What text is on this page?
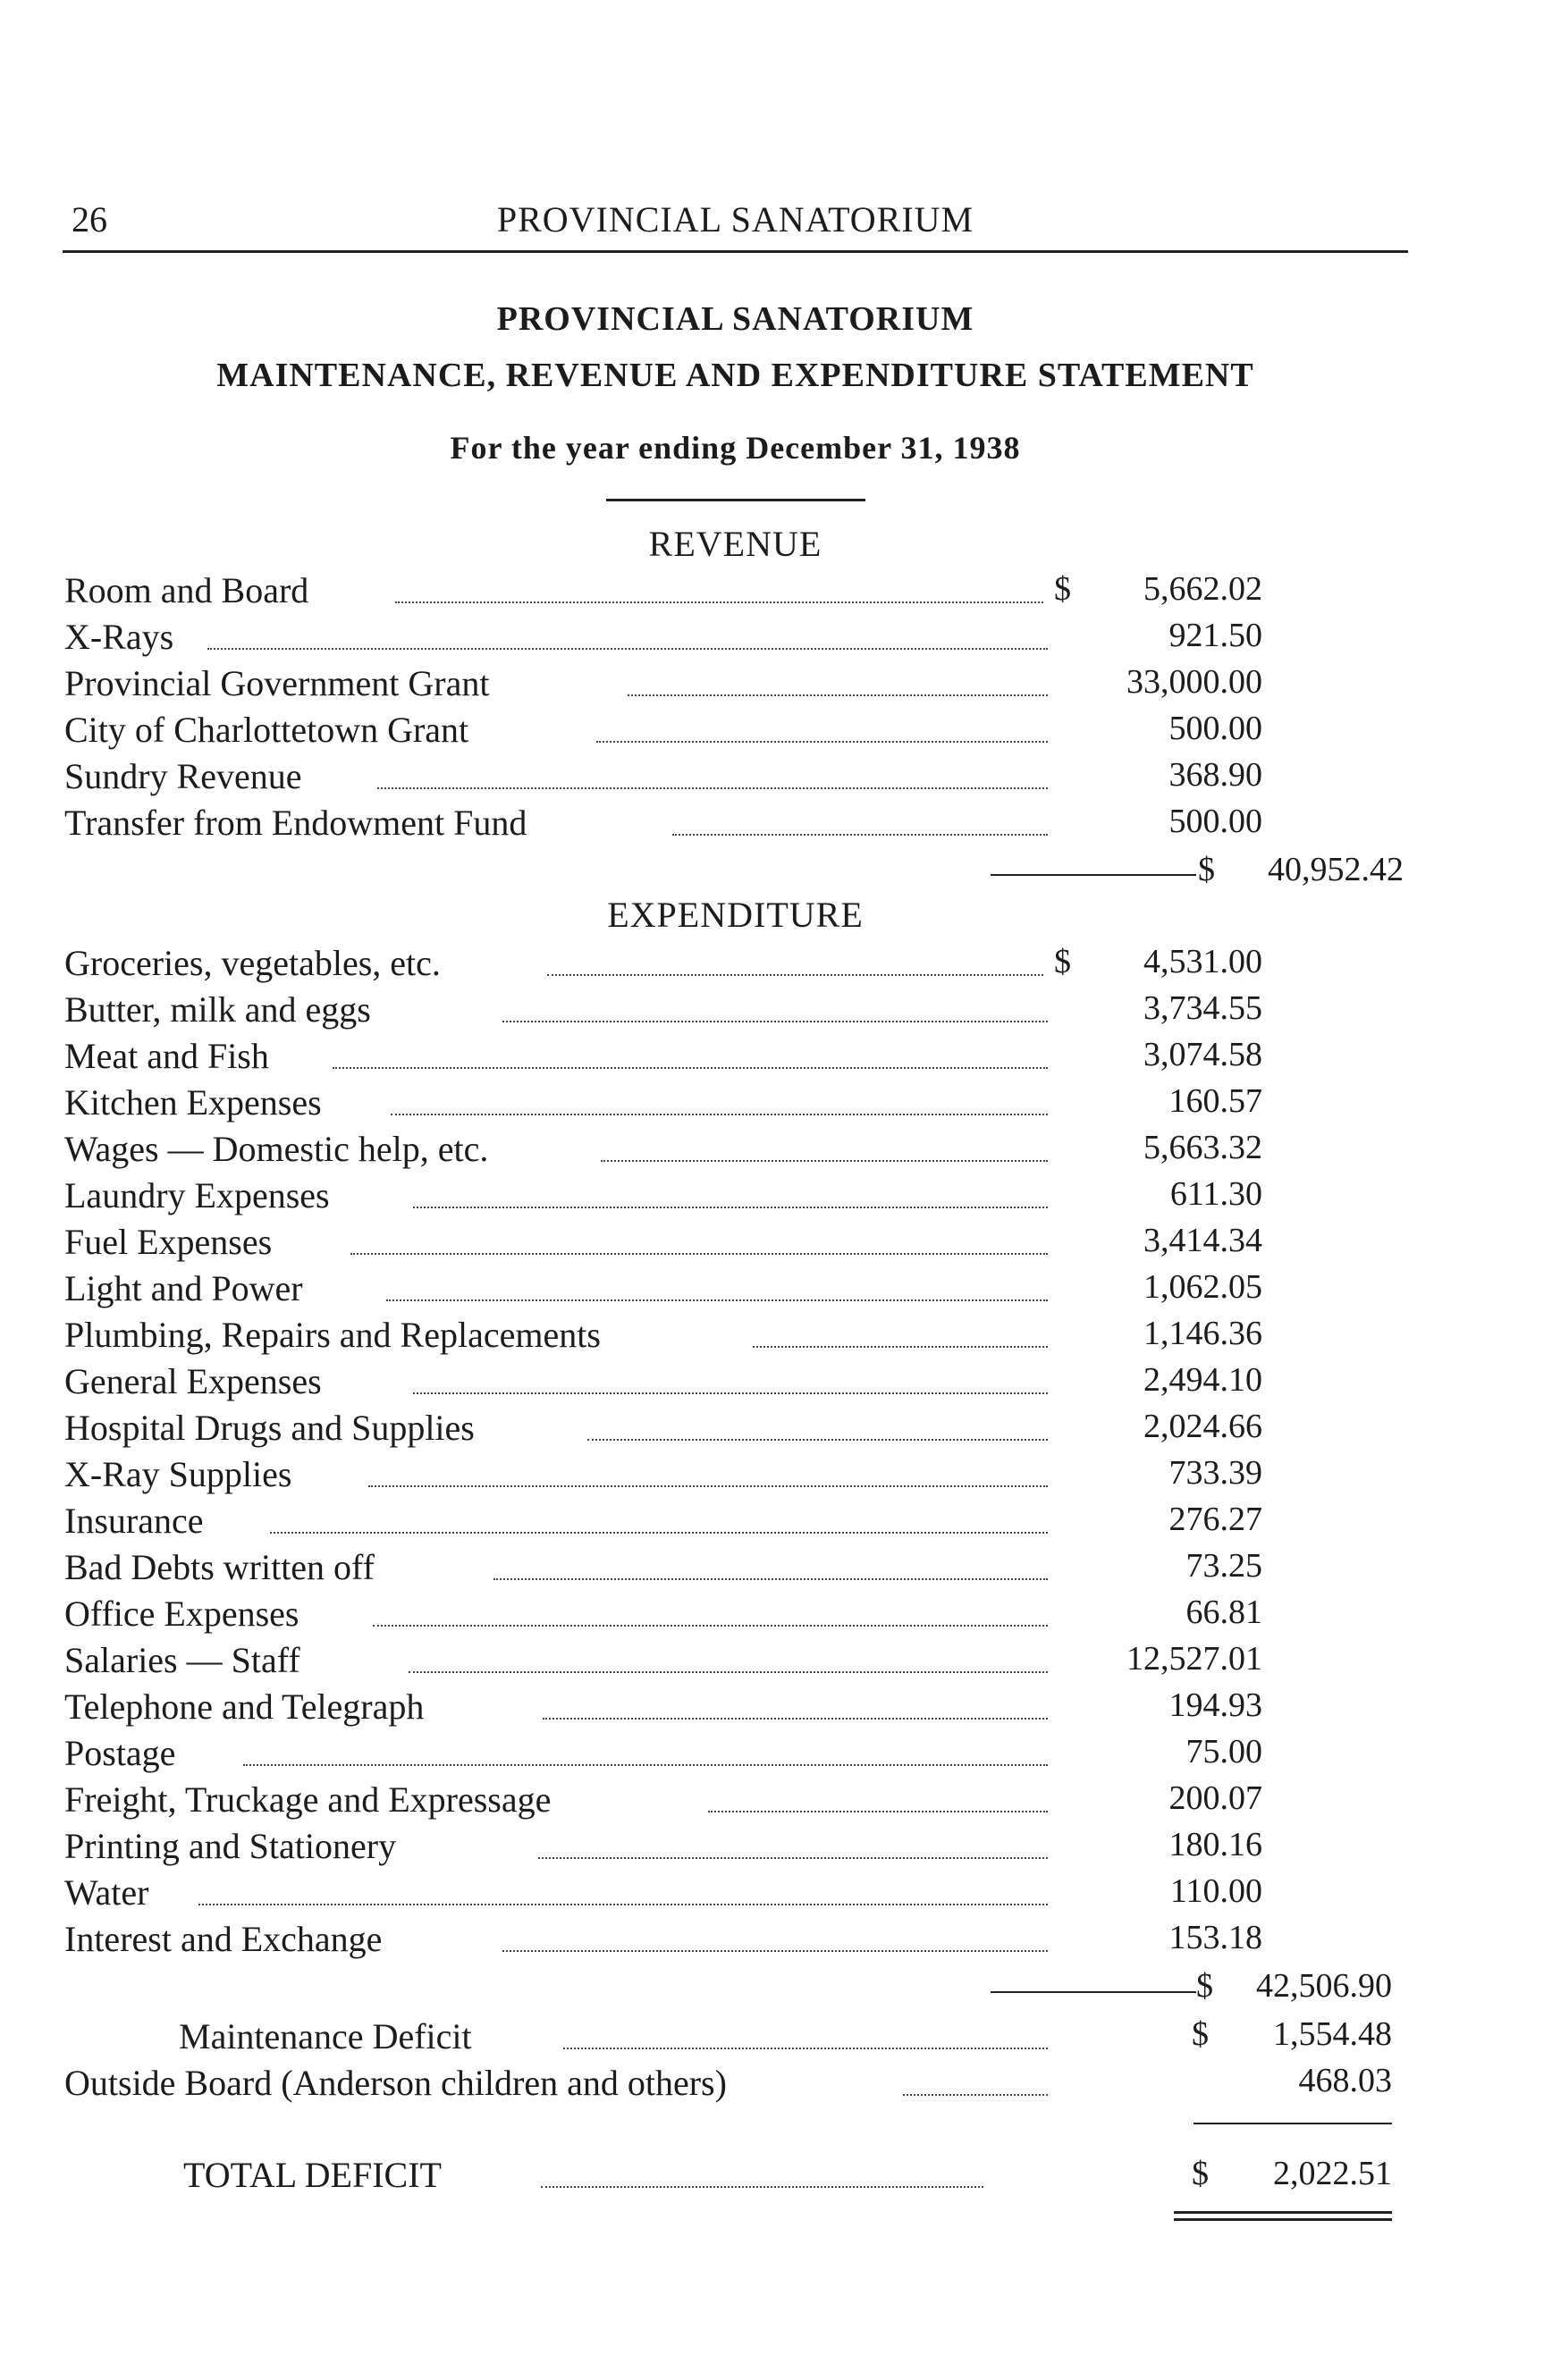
26	PROVINCIAL SANATORIUM
PROVINCIAL SANATORIUM
MAINTENANCE, REVENUE AND EXPENDITURE STATEMENT
For the year ending December 31, 1938
REVENUE
Room and Board	$	5,662.02
X-Rays	921.50
Provincial Government Grant	33,000.00
City of Charlottetown Grant	500.00
Sundry Revenue	368.90
Transfer from Endowment Fund	500.00
$	40,952.42
EXPENDITURE
Groceries, vegetables, etc.	$	4,531.00
Butter, milk and eggs	3,734.55
Meat and Fish	3,074.58
Kitchen Expenses	160.57
Wages — Domestic help, etc.	5,663.32
Laundry Expenses	611.30
Fuel Expenses	3,414.34
Light and Power	1,062.05
Plumbing, Repairs and Replacements	1,146.36
General Expenses	2,494.10
Hospital Drugs and Supplies	2,024.66
X-Ray Supplies	733.39
Insurance	276.27
Bad Debts written off	73.25
Office Expenses	66.81
Salaries — Staff	12,527.01
Telephone and Telegraph	194.93
Postage	75.00
Freight, Truckage and Expressage	200.07
Printing and Stationery	180.16
Water	110.00
Interest and Exchange	153.18
$	42,506.90
Maintenance Deficit	$	1,554.48
Outside Board (Anderson children and others)	468.03
TOTAL DEFICIT	$	2,022.51
